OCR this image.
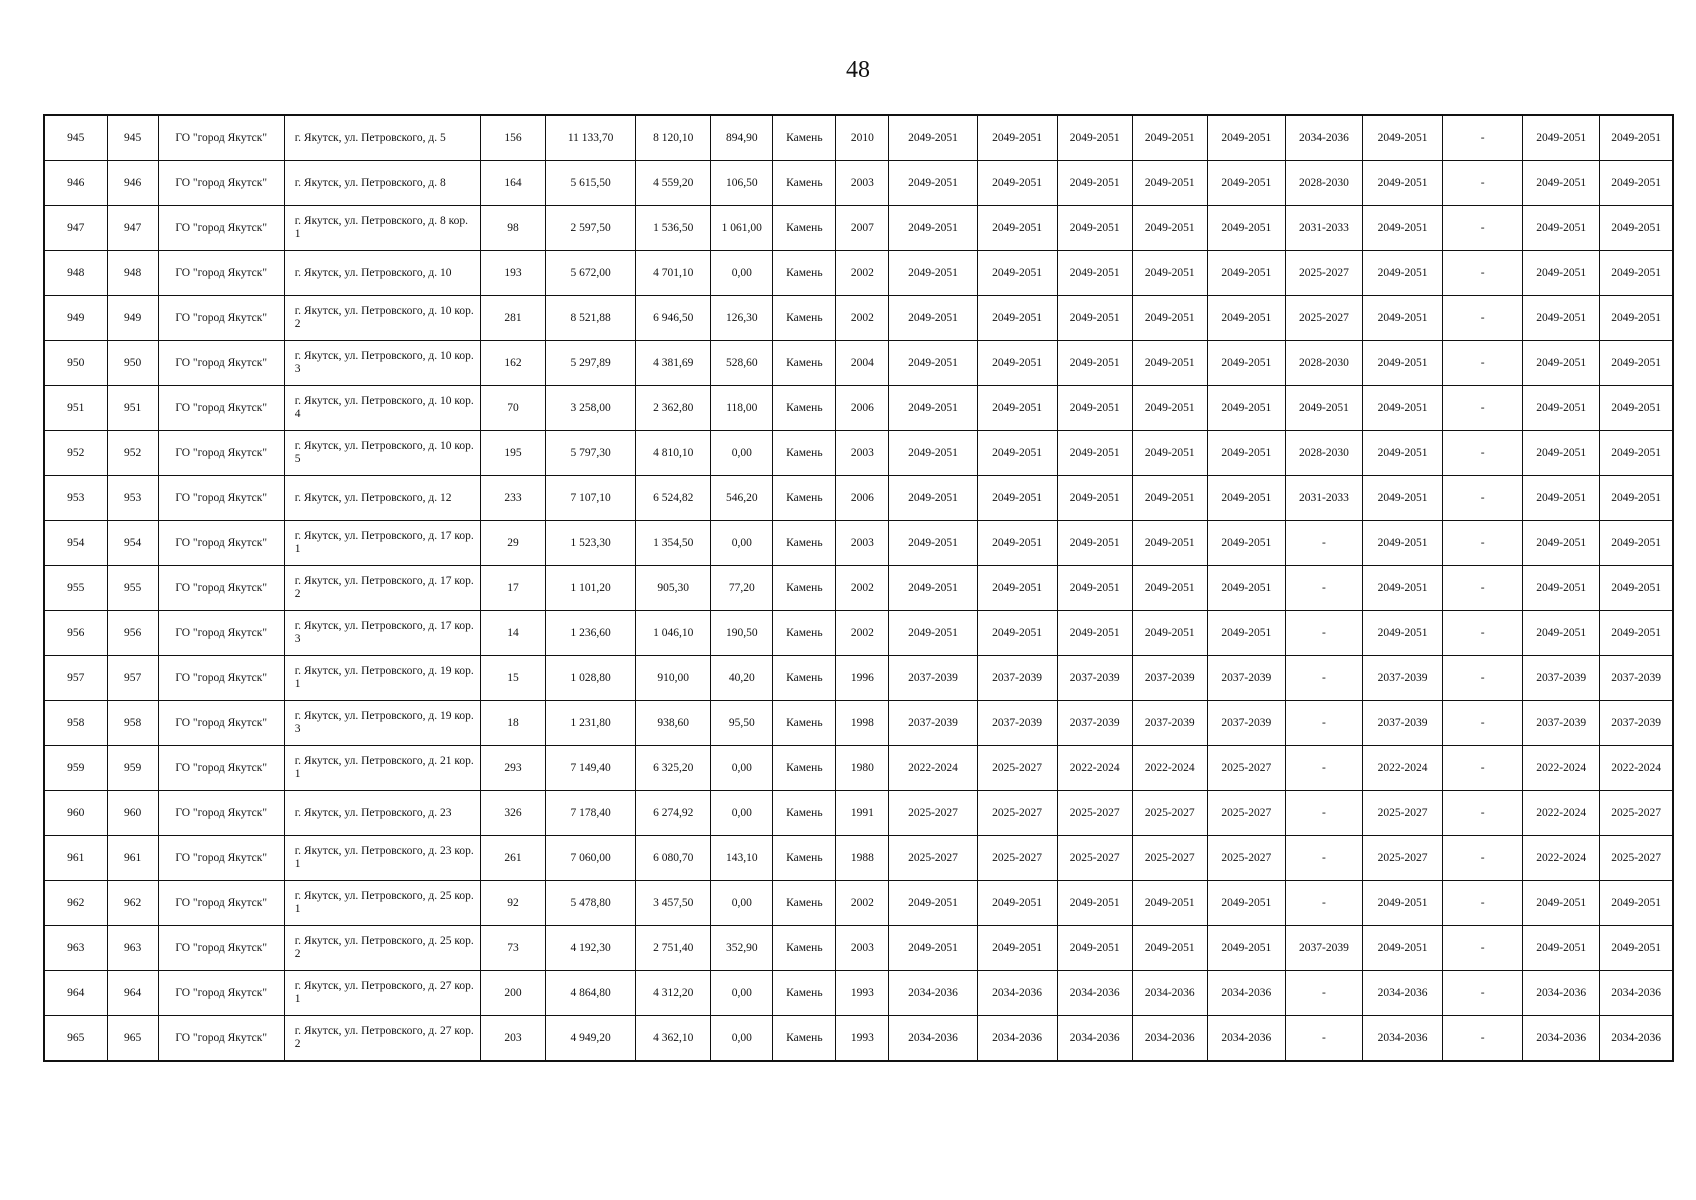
48
945	945	ГО "город Якутск"	г. Якутск, ул. Петровского, д. 5	156	11 133,70	8 120,10	894,90	Камень	2010	2049-2051	2049-2051	2049-2051	2049-2051	2049-2051	2034-2036	2049-2051	-	2049-2051	2049-2051
946	946	ГО "город Якутск"	г. Якутск, ул. Петровского, д. 8	164	5 615,50	4 559,20	106,50	Камень	2003	2049-2051	2049-2051	2049-2051	2049-2051	2049-2051	2028-2030	2049-2051	-	2049-2051	2049-2051
947	947	ГО "город Якутск"	г. Якутск, ул. Петровского, д. 8 кор. 1	98	2 597,50	1 536,50	1 061,00	Камень	2007	2049-2051	2049-2051	2049-2051	2049-2051	2049-2051	2031-2033	2049-2051	-	2049-2051	2049-2051
948	948	ГО "город Якутск"	г. Якутск, ул. Петровского, д. 10	193	5 672,00	4 701,10	0,00	Камень	2002	2049-2051	2049-2051	2049-2051	2049-2051	2049-2051	2025-2027	2049-2051	-	2049-2051	2049-2051
949	949	ГО "город Якутск"	г. Якутск, ул. Петровского, д. 10 кор. 2	281	8 521,88	6 946,50	126,30	Камень	2002	2049-2051	2049-2051	2049-2051	2049-2051	2049-2051	2025-2027	2049-2051	-	2049-2051	2049-2051
950	950	ГО "город Якутск"	г. Якутск, ул. Петровского, д. 10 кор. 3	162	5 297,89	4 381,69	528,60	Камень	2004	2049-2051	2049-2051	2049-2051	2049-2051	2049-2051	2028-2030	2049-2051	-	2049-2051	2049-2051
951	951	ГО "город Якутск"	г. Якутск, ул. Петровского, д. 10 кор. 4	70	3 258,00	2 362,80	118,00	Камень	2006	2049-2051	2049-2051	2049-2051	2049-2051	2049-2051	2049-2051	2049-2051	-	2049-2051	2049-2051
952	952	ГО "город Якутск"	г. Якутск, ул. Петровского, д. 10 кор. 5	195	5 797,30	4 810,10	0,00	Камень	2003	2049-2051	2049-2051	2049-2051	2049-2051	2049-2051	2028-2030	2049-2051	-	2049-2051	2049-2051
953	953	ГО "город Якутск"	г. Якутск, ул. Петровского, д. 12	233	7 107,10	6 524,82	546,20	Камень	2006	2049-2051	2049-2051	2049-2051	2049-2051	2049-2051	2031-2033	2049-2051	-	2049-2051	2049-2051
954	954	ГО "город Якутск"	г. Якутск, ул. Петровского, д. 17 кор. 1	29	1 523,30	1 354,50	0,00	Камень	2003	2049-2051	2049-2051	2049-2051	2049-2051	2049-2051	-	2049-2051	-	2049-2051	2049-2051
955	955	ГО "город Якутск"	г. Якутск, ул. Петровского, д. 17 кор. 2	17	1 101,20	905,30	77,20	Камень	2002	2049-2051	2049-2051	2049-2051	2049-2051	2049-2051	-	2049-2051	-	2049-2051	2049-2051
956	956	ГО "город Якутск"	г. Якутск, ул. Петровского, д. 17 кор. 3	14	1 236,60	1 046,10	190,50	Камень	2002	2049-2051	2049-2051	2049-2051	2049-2051	2049-2051	-	2049-2051	-	2049-2051	2049-2051
957	957	ГО "город Якутск"	г. Якутск, ул. Петровского, д. 19 кор. 1	15	1 028,80	910,00	40,20	Камень	1996	2037-2039	2037-2039	2037-2039	2037-2039	2037-2039	-	2037-2039	-	2037-2039	2037-2039
958	958	ГО "город Якутск"	г. Якутск, ул. Петровского, д. 19 кор. 3	18	1 231,80	938,60	95,50	Камень	1998	2037-2039	2037-2039	2037-2039	2037-2039	2037-2039	-	2037-2039	-	2037-2039	2037-2039
959	959	ГО "город Якутск"	г. Якутск, ул. Петровского, д. 21 кор. 1	293	7 149,40	6 325,20	0,00	Камень	1980	2022-2024	2025-2027	2022-2024	2022-2024	2025-2027	-	2022-2024	-	2022-2024	2022-2024
960	960	ГО "город Якутск"	г. Якутск, ул. Петровского, д. 23	326	7 178,40	6 274,92	0,00	Камень	1991	2025-2027	2025-2027	2025-2027	2025-2027	2025-2027	-	2025-2027	-	2022-2024	2025-2027
961	961	ГО "город Якутск"	г. Якутск, ул. Петровского, д. 23 кор. 1	261	7 060,00	6 080,70	143,10	Камень	1988	2025-2027	2025-2027	2025-2027	2025-2027	2025-2027	-	2025-2027	-	2022-2024	2025-2027
962	962	ГО "город Якутск"	г. Якутск, ул. Петровского, д. 25 кор. 1	92	5 478,80	3 457,50	0,00	Камень	2002	2049-2051	2049-2051	2049-2051	2049-2051	2049-2051	-	2049-2051	-	2049-2051	2049-2051
963	963	ГО "город Якутск"	г. Якутск, ул. Петровского, д. 25 кор. 2	73	4 192,30	2 751,40	352,90	Камень	2003	2049-2051	2049-2051	2049-2051	2049-2051	2049-2051	2037-2039	2049-2051	-	2049-2051	2049-2051
964	964	ГО "город Якутск"	г. Якутск, ул. Петровского, д. 27 кор. 1	200	4 864,80	4 312,20	0,00	Камень	1993	2034-2036	2034-2036	2034-2036	2034-2036	2034-2036	-	2034-2036	-	2034-2036	2034-2036
965	965	ГО "город Якутск"	г. Якутск, ул. Петровского, д. 27 кор. 2	203	4 949,20	4 362,10	0,00	Камень	1993	2034-2036	2034-2036	2034-2036	2034-2036	2034-2036	-	2034-2036	-	2034-2036	2034-2036
